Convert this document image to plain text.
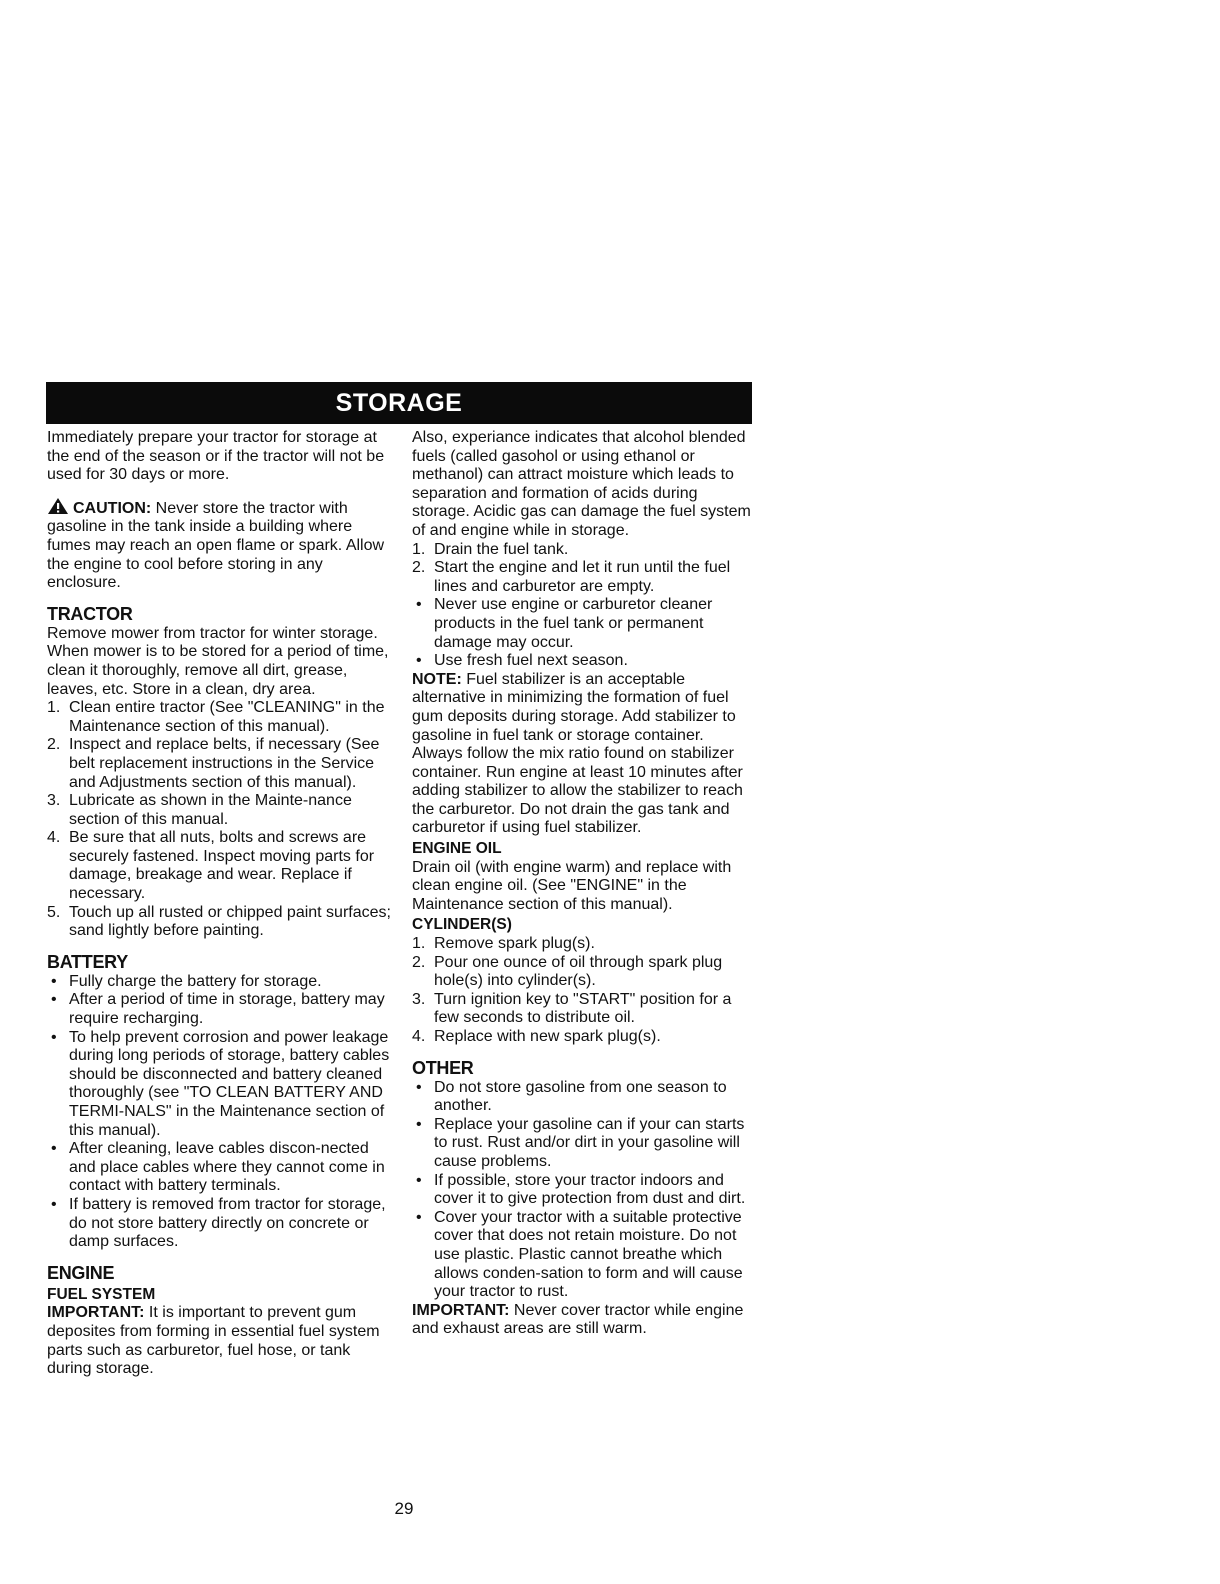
STORAGE

Immediately prepare your tractor for storage at the end of the season or if the tractor will not be used for 30 days or more.

CAUTION: Never store the tractor with gasoline in the tank inside a building where fumes may reach an open flame or spark. Allow the engine to cool before storing in any enclosure.

TRACTOR

Remove mower from tractor for winter storage. When mower is to be stored for a period of time, clean it thoroughly, remove all dirt, grease, leaves, etc. Store in a clean, dry area.

1. Clean entire tractor (See "CLEANING" in the Maintenance section of this manual).
2. Inspect and replace belts, if necessary (See belt replacement instructions in the Service and Adjustments section of this manual).
3. Lubricate as shown in the Mainte-nance section of this manual.
4. Be sure that all nuts, bolts and screws are securely fastened. Inspect moving parts for damage, breakage and wear. Replace if necessary.
5. Touch up all rusted or chipped paint surfaces; sand lightly before painting.
BATTERY
• Fully charge the battery for storage.
• After a period of time in storage, battery may require recharging.
• To help prevent corrosion and power leakage during long periods of storage, battery cables should be disconnected and battery cleaned thoroughly (see "TO CLEAN BATTERY AND TERMI-NALS" in the Maintenance section of this manual).
• After cleaning, leave cables discon-nected and place cables where they cannot come in contact with battery terminals.
• If battery is removed from tractor for storage, do not store battery directly on concrete or damp surfaces.
ENGINE
FUEL SYSTEM

IMPORTANT: It is important to prevent gum deposites from forming in essential fuel system parts such as carburetor, fuel hose, or tank during storage.

Also, experiance indicates that alcohol blended fuels (called gasohol or using ethanol or methanol) can attract moisture which leads to separation and formation of acids during storage. Acidic gas can damage the fuel system of and engine while in storage.

1. Drain the fuel tank.
2. Start the engine and let it run until the fuel lines and carburetor are empty.
• Never use engine or carburetor cleaner products in the fuel tank or permanent damage may occur.
• Use fresh fuel next season.

NOTE: Fuel stabilizer is an acceptable alternative in minimizing the formation of fuel gum deposits during storage. Add stabilizer to gasoline in fuel tank or storage container. Always follow the mix ratio found on stabilizer container. Run engine at least 10 minutes after adding stabilizer to allow the stabilizer to reach the carburetor. Do not drain the gas tank and carburetor if using fuel stabilizer.

ENGINE OIL

Drain oil (with engine warm) and replace with clean engine oil. (See "ENGINE" in the Maintenance section of this manual).

CYLINDER(S)
1. Remove spark plug(s).
2. Pour one ounce of oil through spark plug hole(s) into cylinder(s).
3. Turn ignition key to "START" position for a few seconds to distribute oil.
4. Replace with new spark plug(s).
OTHER
• Do not store gasoline from one season to another.
• Replace your gasoline can if your can starts to rust. Rust and/or dirt in your gasoline will cause problems.
• If possible, store your tractor indoors and cover it to give protection from dust and dirt.
• Cover your tractor with a suitable protective cover that does not retain moisture. Do not use plastic. Plastic cannot breathe which allows conden-sation to form and will cause your tractor to rust.

IMPORTANT: Never cover tractor while engine and exhaust areas are still warm.

29
